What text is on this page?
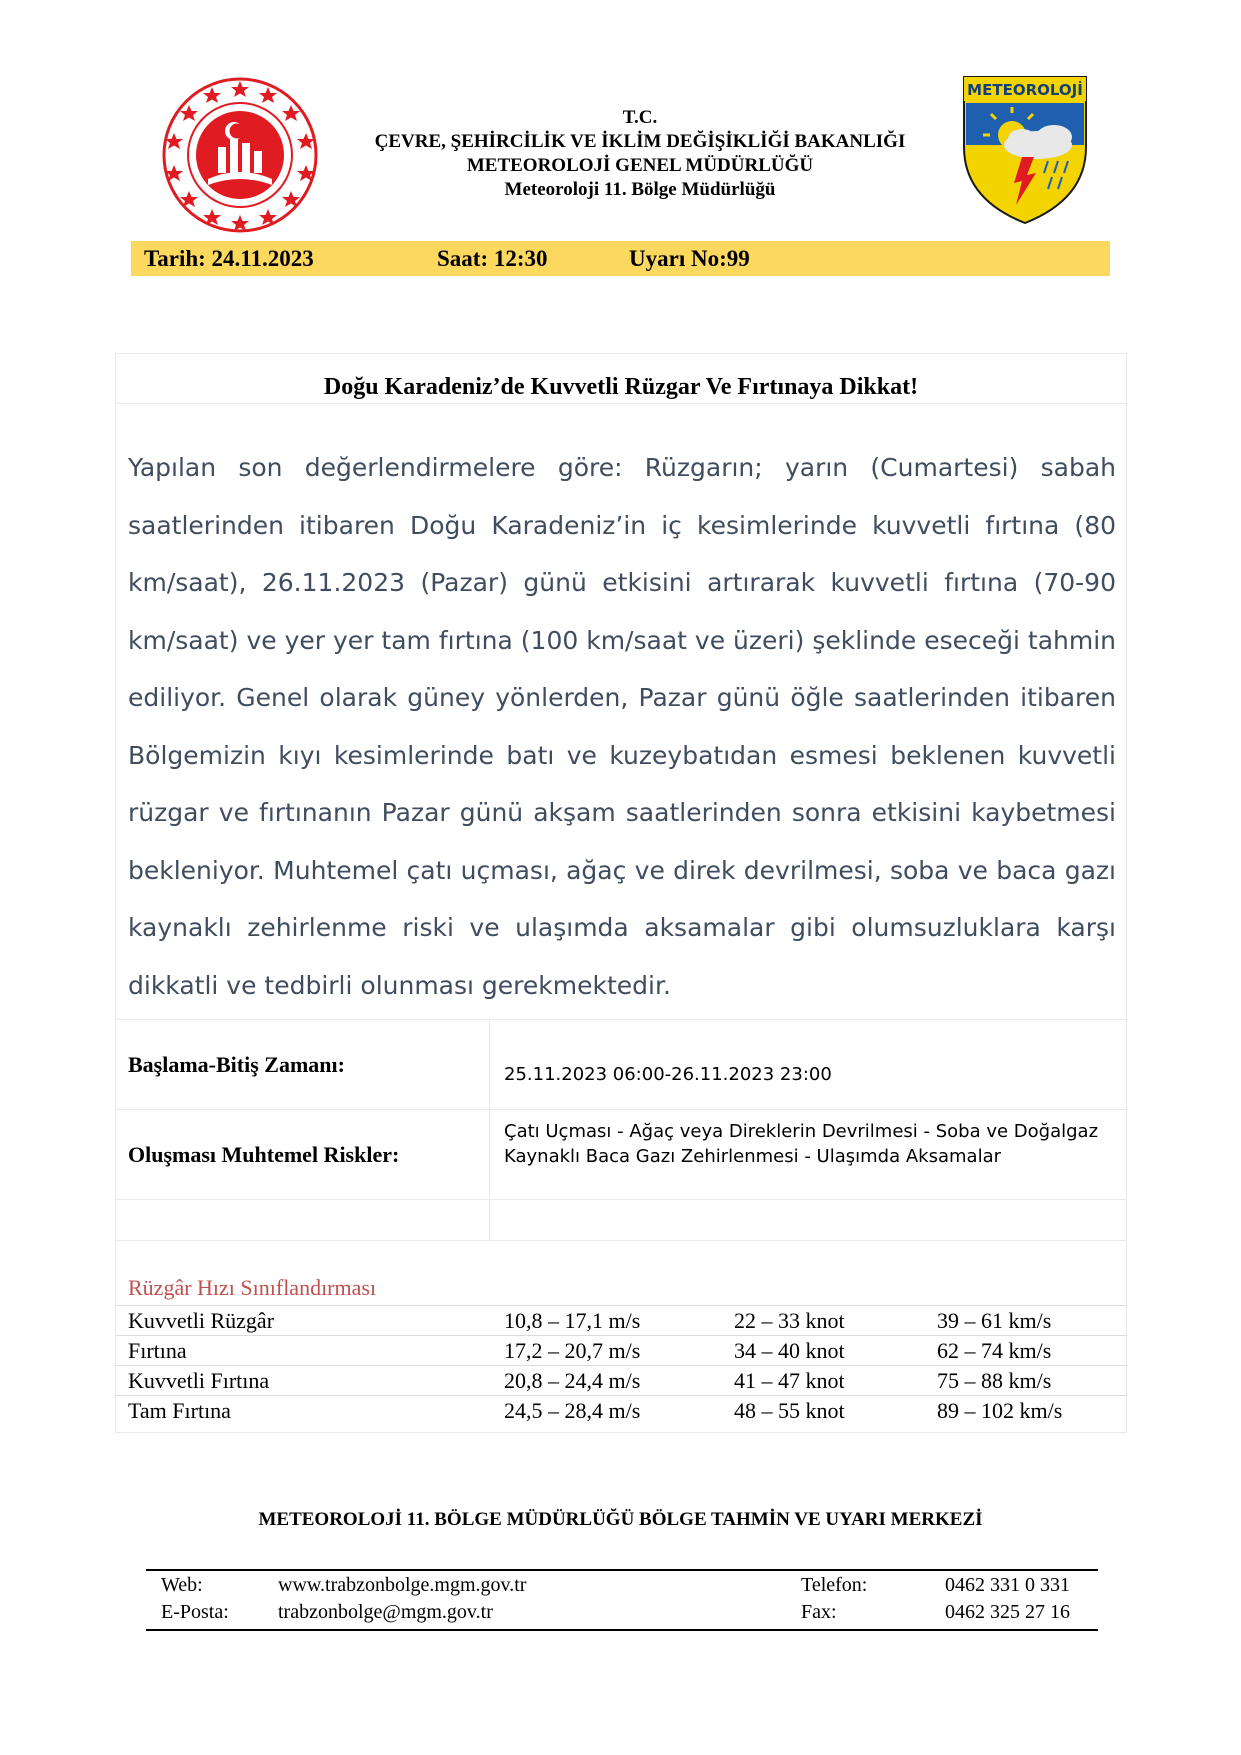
T.C.
ÇEVRE, ŞEHİRCİLİK VE İKLİM DEĞİŞİKLİĞİ BAKANLIĞI
METEOROLOJİ GENEL MÜDÜRLÜĞÜ
Meteoroloji 11. Bölge Müdürlüğü
METEOROLOJİ
Tarih: 24.11.2023	Saat: 12:30	Uyarı No:99
Doğu Karadeniz’de Kuvvetli Rüzgar Ve Fırtınaya Dikkat!
Yapılan son değerlendirmelere göre: Rüzgarın; yarın (Cumartesi) sabah saatlerinden itibaren Doğu Karadeniz’in iç kesimlerinde kuvvetli fırtına (80 km/saat), 26.11.2023 (Pazar) günü etkisini artırarak kuvvetli fırtına (70-90 km/saat) ve yer yer tam fırtına (100 km/saat ve üzeri) şeklinde eseceği tahmin ediliyor. Genel olarak güney yönlerden, Pazar günü öğle saatlerinden itibaren Bölgemizin kıyı kesimlerinde batı ve kuzeybatıdan esmesi beklenen kuvvetli rüzgar ve fırtınanın Pazar günü akşam saatlerinden sonra etkisini kaybetmesi bekleniyor. Muhtemel çatı uçması, ağaç ve direk devrilmesi, soba ve baca gazı kaynaklı zehirlenme riski ve ulaşımda aksamalar gibi olumsuzluklara karşı dikkatli ve tedbirli olunması gerekmektedir.
Başlama-Bitiş Zamanı:	25.11.2023 06:00-26.11.2023 23:00
Oluşması Muhtemel Riskler:
Çatı Uçması - Ağaç veya Direklerin Devrilmesi - Soba ve Doğalgaz Kaynaklı Baca Gazı Zehirlenmesi - Ulaşımda Aksamalar
Rüzgâr Hızı Sınıflandırması
Kuvvetli Rüzgâr	10,8 – 17,1 m/s	22 – 33 knot	39 – 61 km/s
Fırtına	17,2 – 20,7 m/s	34 – 40 knot	62 – 74 km/s
Kuvvetli Fırtına	20,8 – 24,4 m/s	41 – 47 knot	75 – 88 km/s
Tam Fırtına	24,5 – 28,4 m/s	48 – 55 knot	89 – 102 km/s
METEOROLOJİ 11. BÖLGE MÜDÜRLÜĞÜ BÖLGE TAHMİN VE UYARI MERKEZİ
Web:	www.trabzonbolge.mgm.gov.tr	Telefon:	0462 331 0 331
E-Posta: trabzonbolge@mgm.gov.tr	Fax:	0462 325 27 16
